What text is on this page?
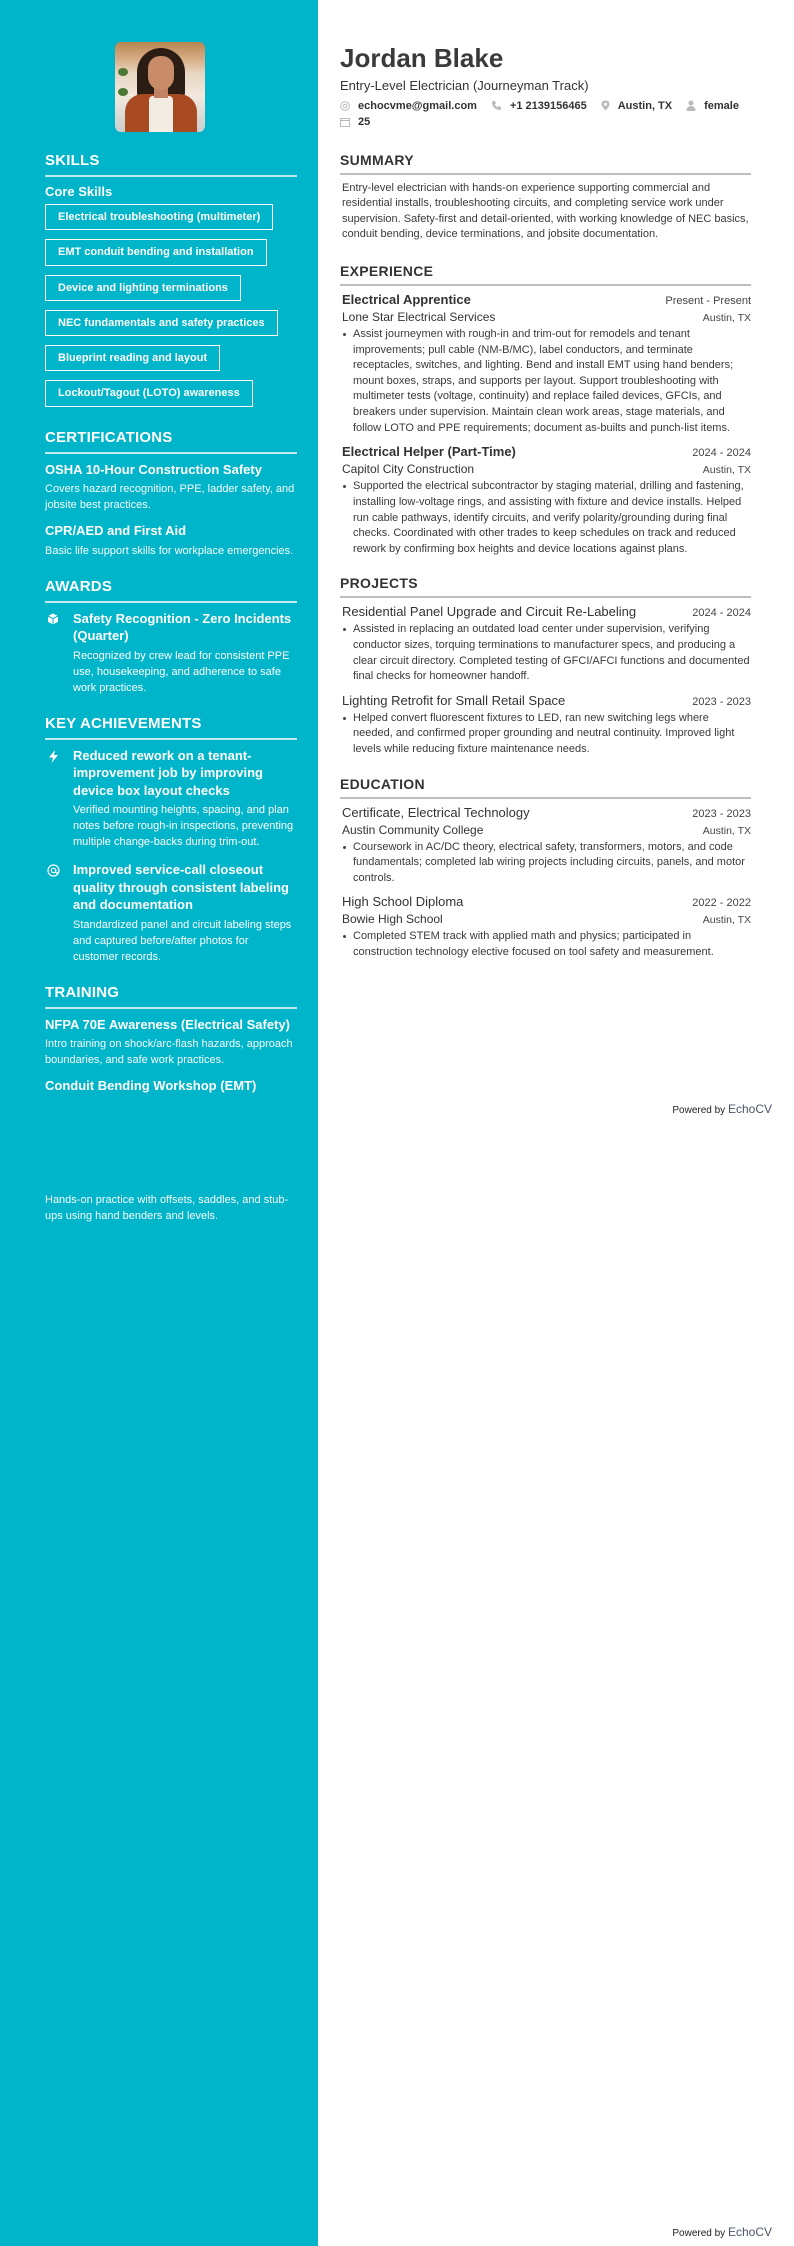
SKILLS
Core Skills
Electrical troubleshooting (multimeter)
EMT conduit bending and installation
Device and lighting terminations
NEC fundamentals and safety practices
Blueprint reading and layout
Lockout/Tagout (LOTO) awareness
CERTIFICATIONS
OSHA 10-Hour Construction Safety
Covers hazard recognition, PPE, ladder safety, and jobsite best practices.
CPR/AED and First Aid
Basic life support skills for workplace emergencies.
AWARDS
Safety Recognition - Zero Incidents (Quarter)
Recognized by crew lead for consistent PPE use, housekeeping, and adherence to safe work practices.
KEY ACHIEVEMENTS
Reduced rework on a tenant-improvement job by improving device box layout checks
Verified mounting heights, spacing, and plan notes before rough-in inspections, preventing multiple change-backs during trim-out.
Improved service-call closeout quality through consistent labeling and documentation
Standardized panel and circuit labeling steps and captured before/after photos for customer records.
TRAINING
NFPA 70E Awareness (Electrical Safety)
Intro training on shock/arc-flash hazards, approach boundaries, and safe work practices.
Conduit Bending Workshop (EMT)
Hands-on practice with offsets, saddles, and stub-ups using hand benders and levels.
Jordan Blake
Entry-Level Electrician (Journeyman Track)
echocvme@gmail.com	+1 2139156465	Austin, TX	female
25
SUMMARY

Entry-level electrician with hands-on experience supporting commercial and residential installs, troubleshooting circuits, and completing service work under supervision. Safety-first and detail-oriented, with working knowledge of NEC basics, conduit bending, device terminations, and jobsite documentation.

EXPERIENCE
Electrical Apprentice	Present - Present
Lone Star Electrical Services	Austin, TX
Assist journeymen with rough-in and trim-out for remodels and tenant improvements; pull cable (NM-B/MC), label conductors, and terminate receptacles, switches, and lighting. Bend and install EMT using hand benders; mount boxes, straps, and supports per layout. Support troubleshooting with multimeter tests (voltage, continuity) and replace failed devices, GFCIs, and breakers under supervision. Maintain clean work areas, stage materials, and follow LOTO and PPE requirements; document as-builts and punch-list items.
Electrical Helper (Part-Time)	2024 - 2024
Capitol City Construction	Austin, TX
Supported the electrical subcontractor by staging material, drilling and fastening, installing low-voltage rings, and assisting with fixture and device installs. Helped run cable pathways, identify circuits, and verify polarity/grounding during final checks. Coordinated with other trades to keep schedules on track and reduced rework by confirming box heights and device locations against plans.
PROJECTS
Residential Panel Upgrade and Circuit Re-Labeling	2024 - 2024
Assisted in replacing an outdated load center under supervision, verifying conductor sizes, torquing terminations to manufacturer specs, and producing a clear circuit directory. Completed testing of GFCI/AFCI functions and documented final checks for homeowner handoff.
Lighting Retrofit for Small Retail Space	2023 - 2023
Helped convert fluorescent fixtures to LED, ran new switching legs where needed, and confirmed proper grounding and neutral continuity. Improved light levels while reducing fixture maintenance needs.
EDUCATION
Certificate, Electrical Technology	2023 - 2023
Austin Community College	Austin, TX
Coursework in AC/DC theory, electrical safety, transformers, motors, and code fundamentals; completed lab wiring projects including circuits, panels, and motor controls.
High School Diploma	2022 - 2022
Bowie High School	Austin, TX
Completed STEM track with applied math and physics; participated in construction technology elective focused on tool safety and measurement.
Powered by EchoCV
Powered by EchoCV
